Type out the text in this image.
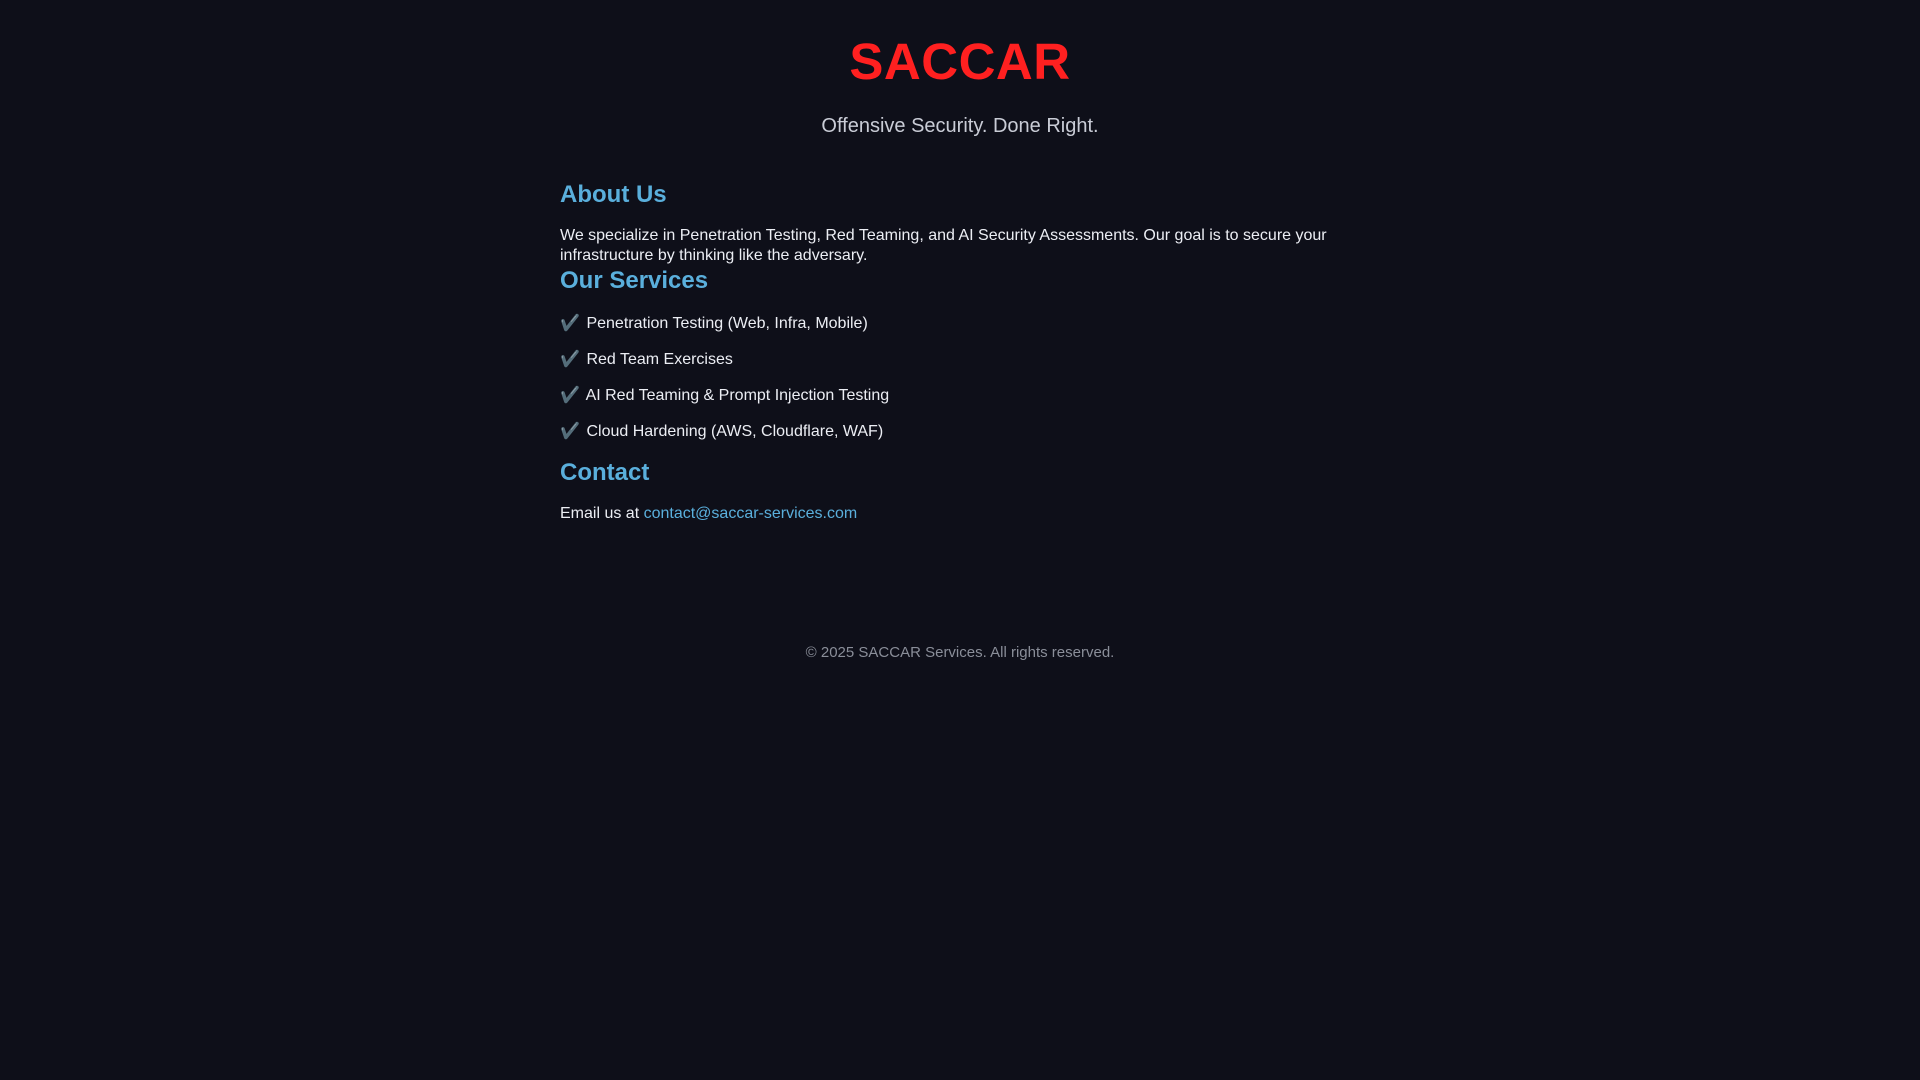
SACCAR

Offensive Security. Done Right.

About Us

We specialize in Penetration Testing, Red Teaming, and AI Security Assessments. Our goal is to secure your infrastructure by thinking like the adversary.

Our Services
✔️ Penetration Testing (Web, Infra, Mobile)
✔️ Red Team Exercises
✔️ AI Red Teaming & Prompt Injection Testing
✔️ Cloud Hardening (AWS, Cloudflare, WAF)
Contact

Email us at contact@saccar-services.com

© 2025 SACCAR Services. All rights reserved.
